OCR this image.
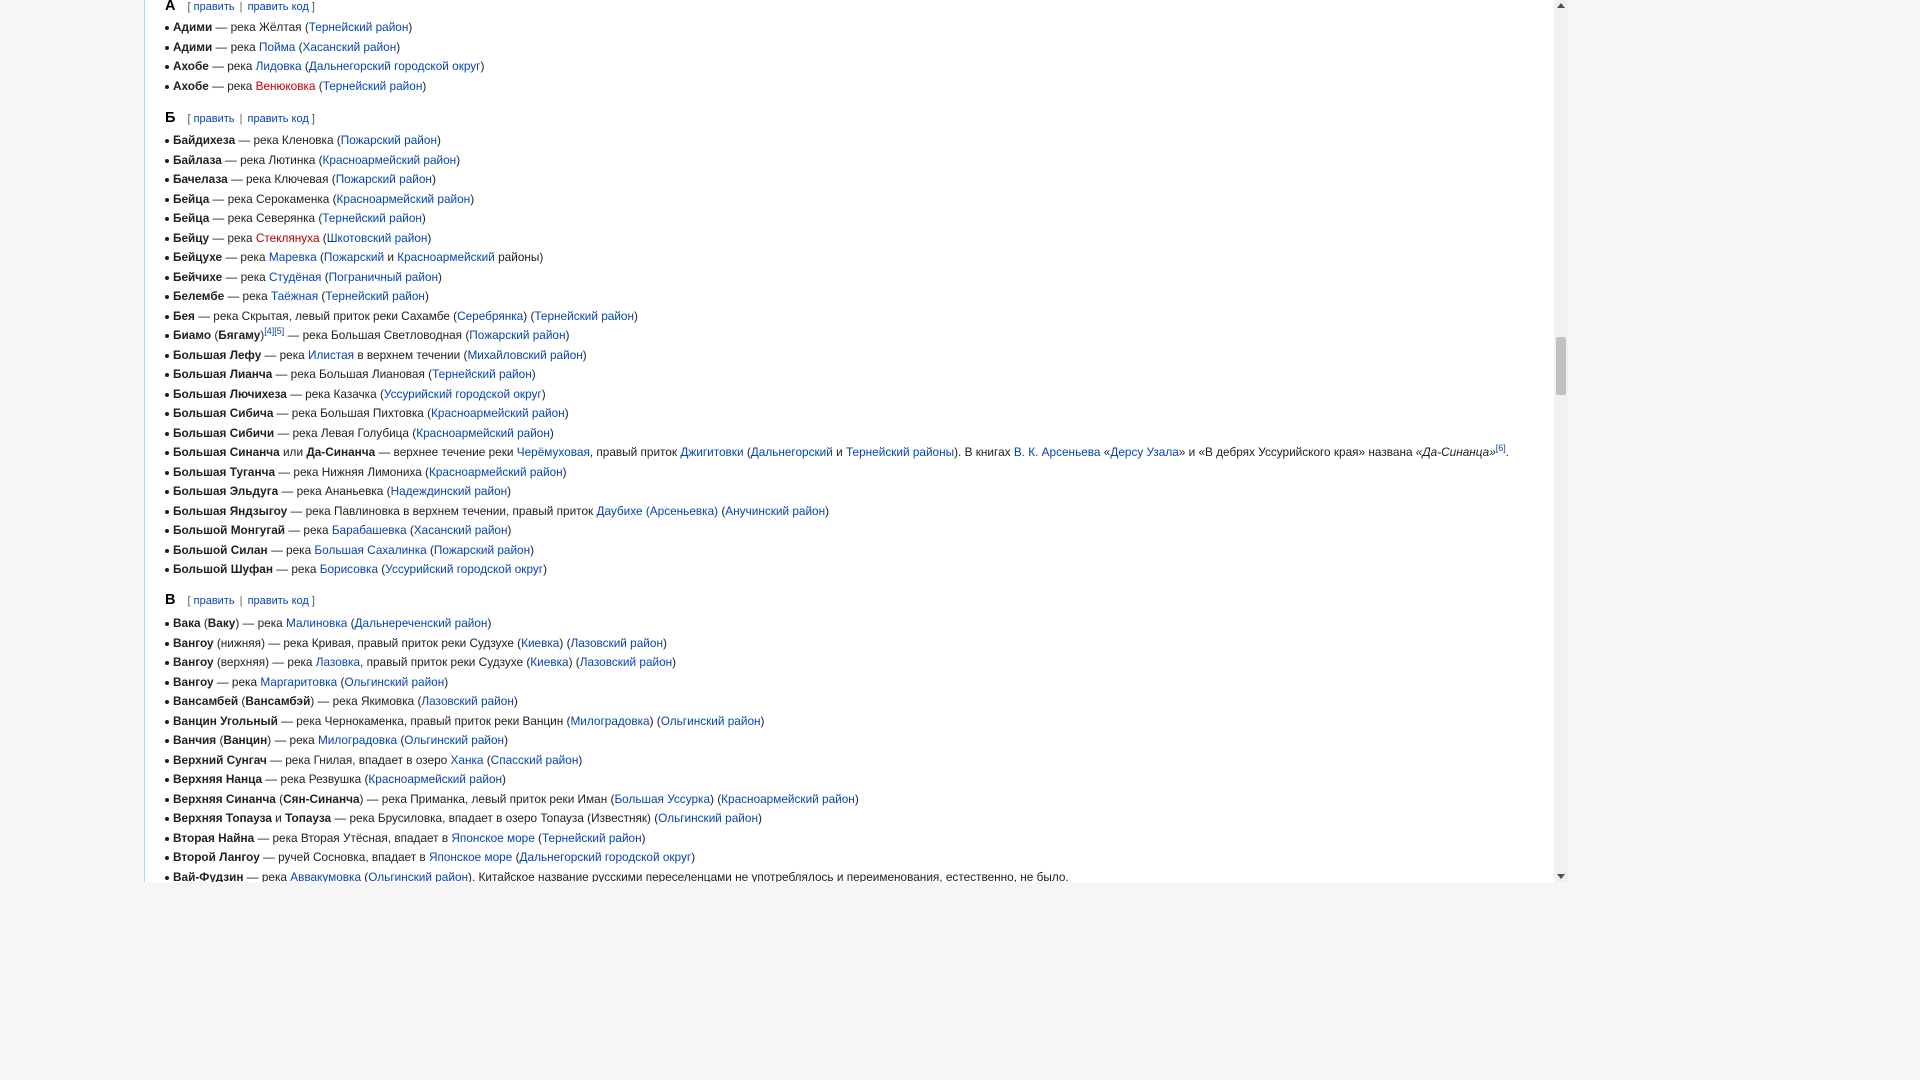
А [ править | править код ]
Адими — река Жёлтая (Тернейский район)
Адими — река Пойма (Хасанский район)
Ахобе — река Лидовка (Дальнегорский городской округ)
Ахобе — река Венюковка (Тернейский район)
Б [ править | править код ]
Байдихеза — река Кленовка (Пожарский район)
Байлаза — река Лютинка (Красноармейский район)
Бачелаза — река Ключевая (Пожарский район)
Бейца — река Серокаменка (Красноармейский район)
Бейца — река Северянка (Тернейский район)
Бейцу — река Стеклянуха (Шкотовский район)
Бейцухе — река Маревка (Пожарский и Красноармейский районы)
Бейчихе — река Студёная (Пограничный район)
Белембе — река Таёжная (Тернейский район)
Бея — река Скрытая, левый приток реки Сахамбе (Серебрянка) (Тернейский район)
Биамо (Бягаму)[4][5] — река Большая Светловодная (Пожарский район)
Большая Лефу — река Илистая в верхнем течении (Михайловский район)
Большая Лианча — река Большая Лиановая (Тернейский район)
Большая Лючихеза — река Казачка (Уссурийский городской округ)
Большая Сибича — река Большая Пихтовка (Красноармейский район)
Большая Сибичи — река Левая Голубица (Красноармейский район)
Большая Синанча или Да-Синанча — верхнее течение реки Черёмуховая, правый приток Джигитовки (Дальнегорский и Тернейский районы). В книгах В. К. Арсеньева «Дерсу Узала» и «В дебрях Уссурийского края» названа «Да-Синанца»[6].
Большая Туганча — река Нижняя Лимониха (Красноармейский район)
Большая Эльдуга — река Ананьевка (Надеждинский район)
Большая Яндзыгоу — река Павлиновка в верхнем течении, правый приток Даубихе (Арсеньевка) (Анучинский район)
Большой Монгугай — река Барабашевка (Хасанский район)
Большой Силан — река Большая Сахалинка (Пожарский район)
Большой Шуфан — река Борисовка (Уссурийский городской округ)
В [ править | править код ]
Вака (Ваку) — река Малиновка (Дальнереченский район)
Вангоу (нижняя) — река Кривая, правый приток реки Судзухе (Киевка) (Лазовский район)
Вангоу (верхняя) — река Лазовка, правый приток реки Судзухе (Киевка) (Лазовский район)
Вангоу — река Маргаритовка (Ольгинский район)
Вансамбей (Вансамбэй) — река Якимовка (Лазовский район)
Ванцин Угольный — река Чернокаменка, правый приток реки Ванцин (Милоградовка) (Ольгинский район)
Ванчия (Ванцин) — река Милоградовка (Ольгинский район)
Верхний Сунгач — река Гнилая, впадает в озеро Ханка (Спасский район)
Верхняя Нанца — река Резвушка (Красноармейский район)
Верхняя Синанча (Сян-Синанча) — река Приманка, левый приток реки Иман (Большая Уссурка) (Красноармейский район)
Верхняя Топауза и Топауза — река Брусиловка, впадает в озеро Топауза (Известняк) (Ольгинский район)
Вторая Найна — река Вторая Утёсная, впадает в Японское море (Тернейский район)
Второй Лангоу — ручей Сосновка, впадает в Японское море (Дальнегорский городской округ)
Вай-Фудзин — река Аввакумовка (Ольгинский район). Китайское название русскими переселенцами не употреблялось и переименования, естественно, не было.
